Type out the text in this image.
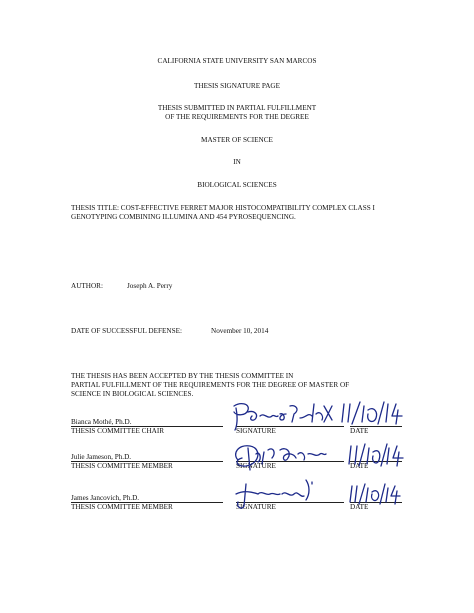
CALIFORNIA STATE UNIVERSITY SAN MARCOS
THESIS SIGNATURE PAGE
THESIS SUBMITTED IN PARTIAL FULFILLMENT
OF THE REQUIREMENTS FOR THE DEGREE
MASTER OF SCIENCE
IN
BIOLOGICAL SCIENCES
THESIS TITLE: COST-EFFECTIVE FERRET MAJOR HISTOCOMPATIBILITY COMPLEX CLASS I
GENOTYPING COMBINING ILLUMINA AND 454 PYROSEQUENCING.
AUTHOR:	Joseph A. Perry
DATE OF SUCCESSFUL DEFENSE:	November 10, 2014
THE THESIS HAS BEEN ACCEPTED BY THE THESIS COMMITTEE IN
PARTIAL FULFILLMENT OF THE REQUIREMENTS FOR THE DEGREE OF MASTER OF
SCIENCE IN BIOLOGICAL SCIENCES.
Bianca Mothé, Ph.D.
THESIS COMMITTEE CHAIR	SIGNATURE	DATE
Julie Jameson, Ph.D.
THESIS COMMITTEE MEMBER	SIGNATURE	DATE
James Jancovich, Ph.D.
THESIS COMMITTEE MEMBER	SIGNATURE	DATE
